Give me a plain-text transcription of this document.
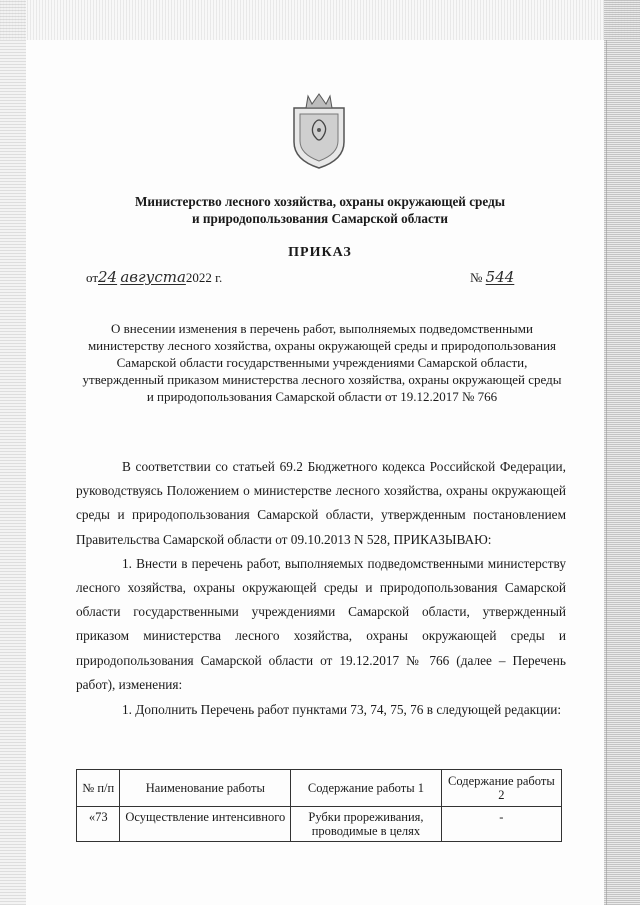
Министерство лесного хозяйства, охраны окружающей среды
и природопользования Самарской области
ПРИКАЗ
от24 августа2022 г.	№ 544
О внесении изменения в перечень работ, выполняемых подведомственными министерству лесного хозяйства, охраны окружающей среды и природопользования Самарской области государственными учреждениями Самарской области, утвержденный приказом министерства лесного хозяйства, охраны окружающей среды и природопользования Самарской области от 19.12.2017 № 766

В соответствии со статьей 69.2 Бюджетного кодекса Российской Федерации, руководствуясь Положением о министерстве лесного хозяйства, охраны окружающей среды и природопользования Самарской области, утвержденным постановлением Правительства Самарской области от 09.10.2013 N 528, ПРИКАЗЫВАЮ:

1. Внести в перечень работ, выполняемых подведомственными министерству лесного хозяйства, охраны окружающей среды и природопользования Самарской области государственными учреждениями Самарской области, утвержденный приказом министерства лесного хозяйства, охраны окружающей среды и природопользования Самарской области от 19.12.2017 № 766 (далее – Перечень работ), изменения:

1. Дополнить Перечень работ пунктами 73, 74, 75, 76 в следующей редакции:

№ п/п	Наименование работы	Содержание работы 1	Содержание работы 2
«73	Осуществление интенсивного	Рубки прореживания, проводимые в целях	-
